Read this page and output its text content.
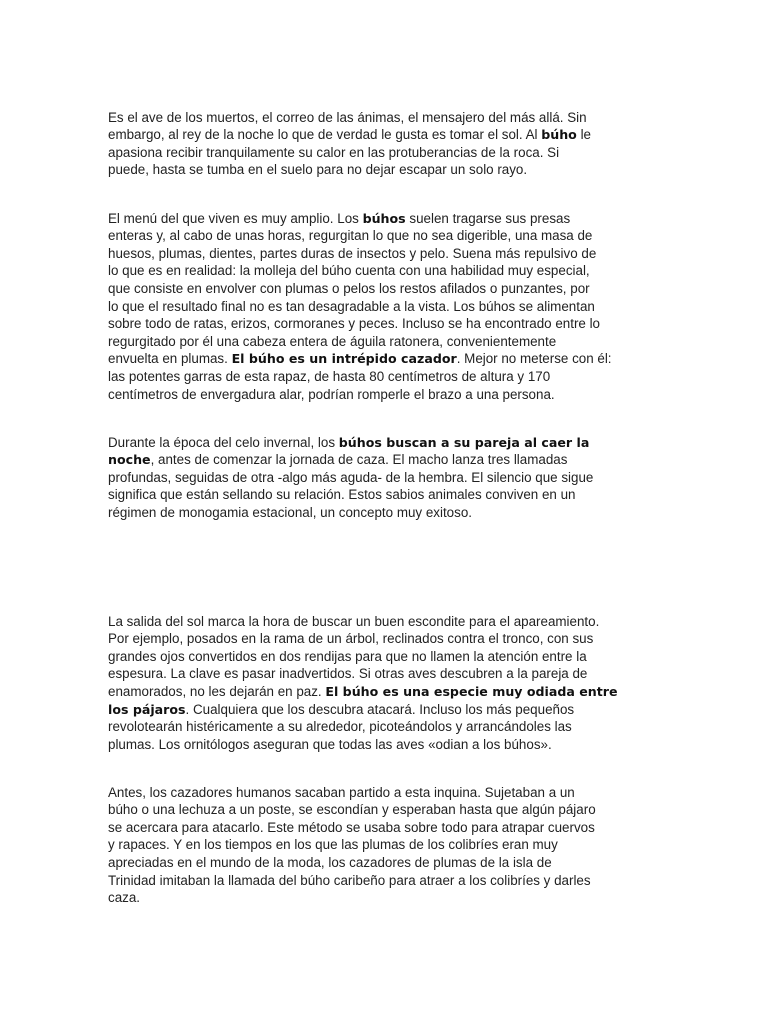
Es el ave de los muertos, el correo de las ánimas, el mensajero del más allá. Sin
embargo, al rey de la noche lo que de verdad le gusta es tomar el sol. Al búho le
apasiona recibir tranquilamente su calor en las protuberancias de la roca. Si
puede, hasta se tumba en el suelo para no dejar escapar un solo rayo.

El menú del que viven es muy amplio. Los búhos suelen tragarse sus presas
enteras y, al cabo de unas horas, regurgitan lo que no sea digerible, una masa de
huesos, plumas, dientes, partes duras de insectos y pelo. Suena más repulsivo de
lo que es en realidad: la molleja del búho cuenta con una habilidad muy especial,
que consiste en envolver con plumas o pelos los restos afilados o punzantes, por
lo que el resultado final no es tan desagradable a la vista. Los búhos se alimentan
sobre todo de ratas, erizos, cormoranes y peces. Incluso se ha encontrado entre lo
regurgitado por él una cabeza entera de águila ratonera, convenientemente
envuelta en plumas. El búho es un intrépido cazador. Mejor no meterse con él:
las potentes garras de esta rapaz, de hasta 80 centímetros de altura y 170
centímetros de envergadura alar, podrían romperle el brazo a una persona.

Durante la época del celo invernal, los búhos buscan a su pareja al caer la
noche, antes de comenzar la jornada de caza. El macho lanza tres llamadas
profundas, seguidas de otra -algo más aguda- de la hembra. El silencio que sigue
significa que están sellando su relación. Estos sabios animales conviven en un
régimen de monogamia estacional, un concepto muy exitoso.

La salida del sol marca la hora de buscar un buen escondite para el apareamiento.
Por ejemplo, posados en la rama de un árbol, reclinados contra el tronco, con sus
grandes ojos convertidos en dos rendijas para que no llamen la atención entre la
espesura. La clave es pasar inadvertidos. Si otras aves descubren a la pareja de
enamorados, no les dejarán en paz. El búho es una especie muy odiada entre
los pájaros. Cualquiera que los descubra atacará. Incluso los más pequeños
revolotearán histéricamente a su alrededor, picoteándolos y arrancándoles las
plumas. Los ornitólogos aseguran que todas las aves «odian a los búhos».

Antes, los cazadores humanos sacaban partido a esta inquina. Sujetaban a un
búho o una lechuza a un poste, se escondían y esperaban hasta que algún pájaro
se acercara para atacarlo. Este método se usaba sobre todo para atrapar cuervos
y rapaces. Y en los tiempos en los que las plumas de los colibríes eran muy
apreciadas en el mundo de la moda, los cazadores de plumas de la isla de
Trinidad imitaban la llamada del búho caribeño para atraer a los colibríes y darles
caza.
